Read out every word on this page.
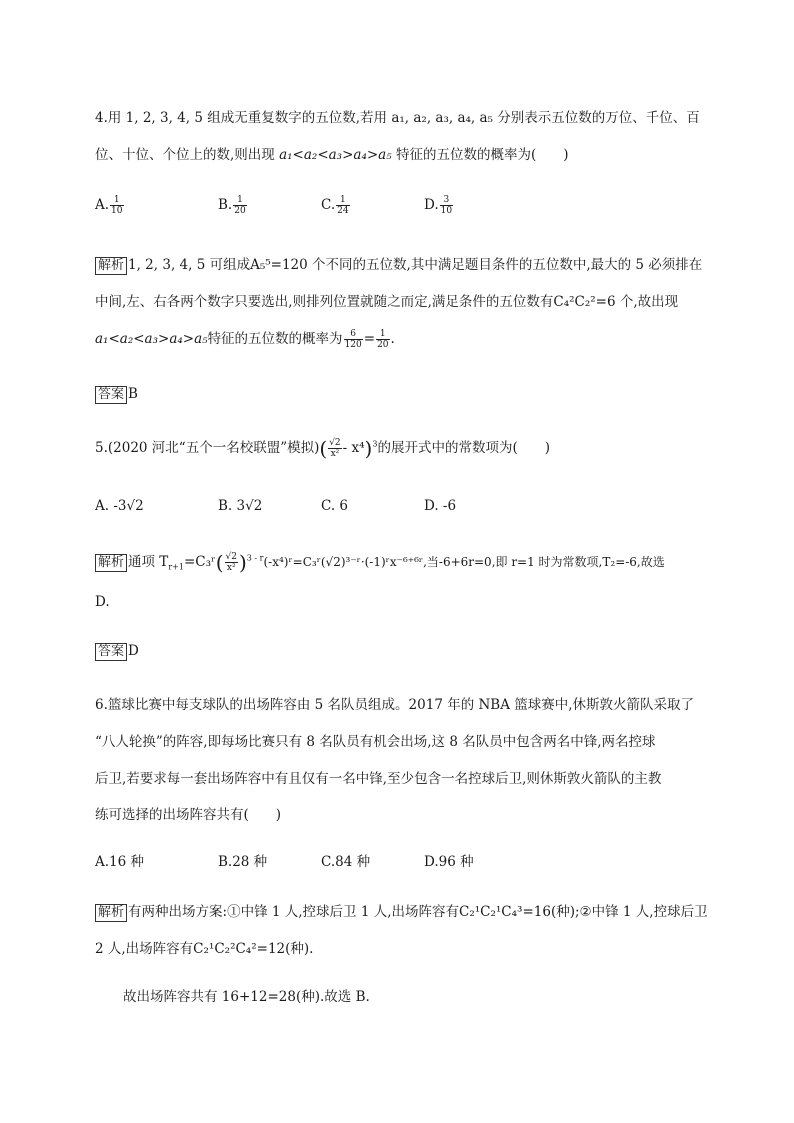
4.用 1, 2, 3, 4, 5 组成无重复数字的五位数,若用 a₁, a₂, a₃, a₄, a₅ 分别表示五位数的万位、千位、百
位、十位、个位上的数,则出现 a₁<a₂<a₃>a₄>a₅ 特征的五位数的概率为(　　)
A. $\frac{1}{10}$	B. $\frac{1}{20}$	C. $\frac{1}{24}$	D. $\frac{3}{10}$
解析 1, 2, 3, 4, 5 可组成A₅⁵=120 个不同的五位数,其中满足题目条件的五位数中,最大的 5 必须排在
中间,左、右各两个数字只要选出,则排列位置就随之而定,满足条件的五位数有C₄²C₂²=6 个,故出现
a₁<a₂<a₃>a₄>a₅特征的五位数的概率为 $\frac{6}{120} = \frac{1}{20}$ .
答案 B
5.(2020 河北“五个一名校联盟”模拟)( $\frac{√2}{\text{x²}} - x^4)^3$的展开式中的常数项为(　　)
A. -3√2	B. 3√2	C. 6	D. -6
解析 通项 $T_{r+1}=C_3ʳ( \frac{√2}{\text{x²}}$ )$^{3 - r}$(-x⁴)ʳ=C₃ʳ(√2)³⁻ʳ·(-1)ʳx⁻⁶⁺⁶ʳ,当-6+6r=0,即 r=1 时为常数项,T₂=-6,故选
D.
答案 D
6.篮球比赛中每支球队的出场阵容由 5 名队员组成。2017 年的 NBA 篮球赛中,休斯敦火箭队采取了
“八人轮换”的阵容,即每场比赛只有 8 名队员有机会出场,这 8 名队员中包含两名中锋,两名控球
后卫,若要求每一套出场阵容中有且仅有一名中锋,至少包含一名控球后卫,则休斯敦火箭队的主教
练可选择的出场阵容共有(　　)
A.16 种	B.28 种	C.84 种	D.96 种
解析 有两种出场方案:①中锋 1 人,控球后卫 1 人,出场阵容有C₂¹C₂¹C₄³=16(种);②中锋 1 人,控球后卫
2 人,出场阵容有C₂¹C₂²C₄²=12(种).
故出场阵容共有 16+12=28(种).故选 B.
